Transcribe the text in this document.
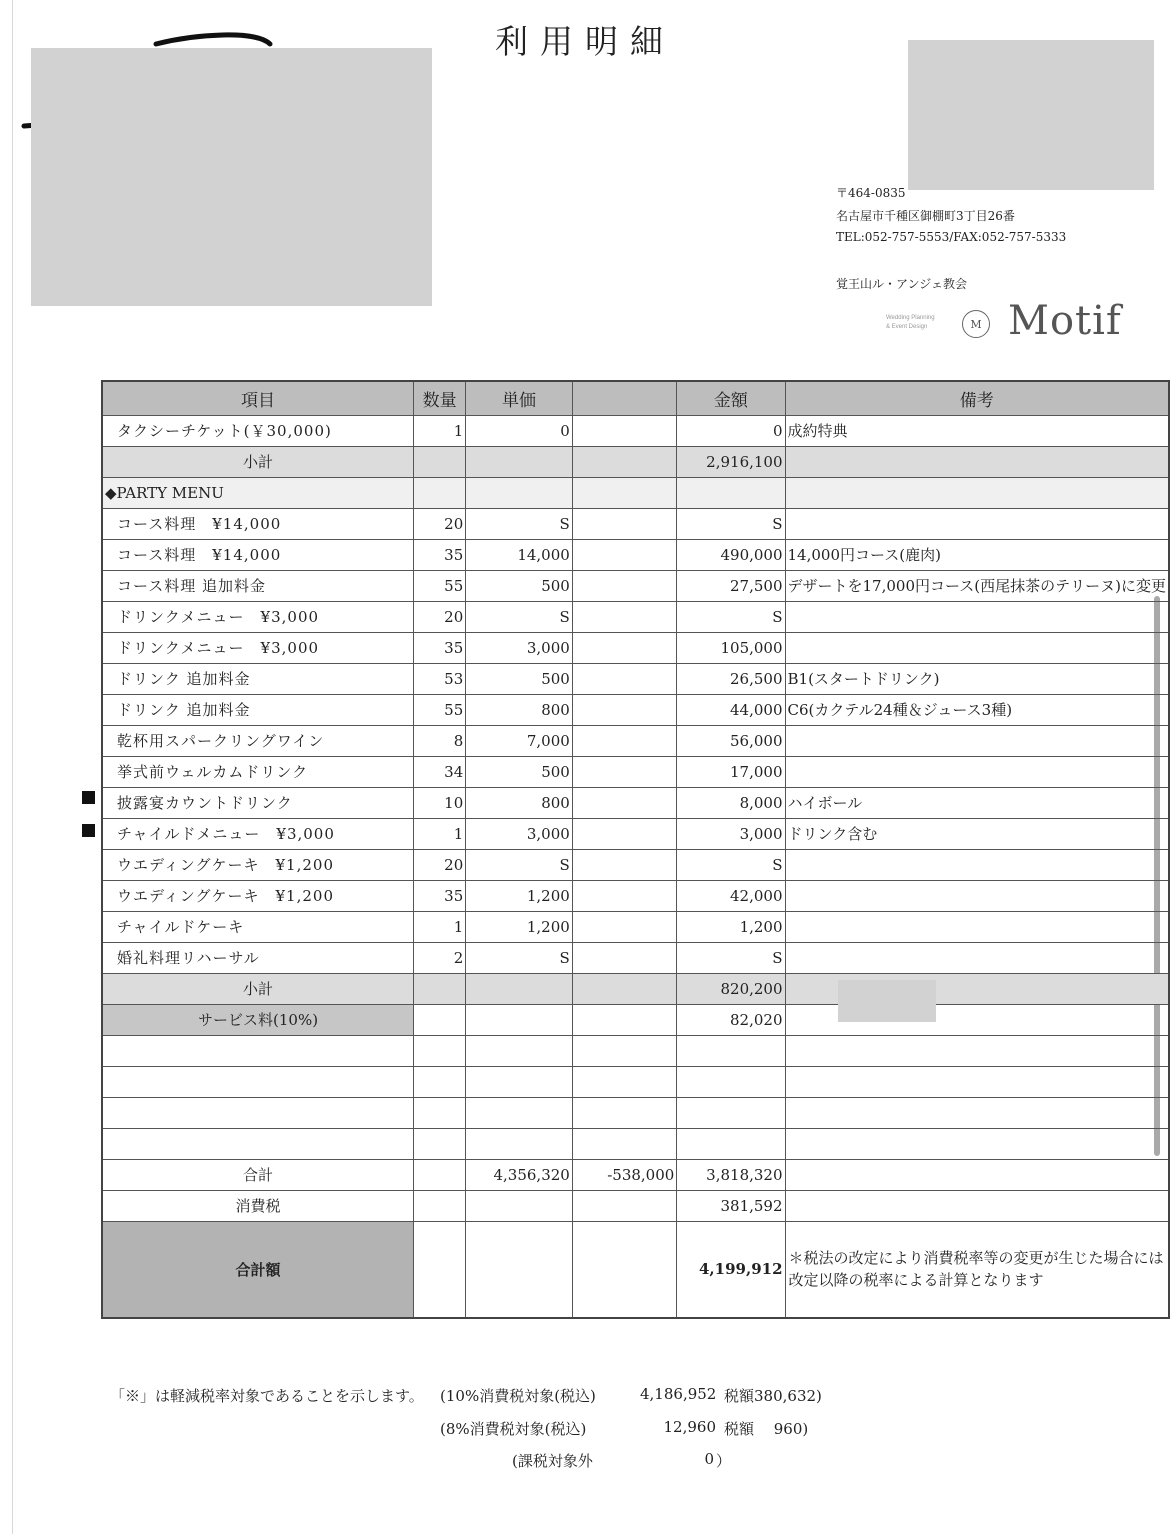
利用明細
〒464-0835
名古屋市千種区御棚町3丁目26番
TEL:052-757-5553/FAX:052-757-5333
覚王山ル・アンジェ教会
Wedding Planning
& Event Design	M Motif
項目	数量	単価		金額	備考
タクシーチケット(￥30,000)	1	0		0	成約特典
小計				2,916,100	
◆PARTY MENU					
コース料理　¥14,000	20	S		S	
コース料理　¥14,000	35	14,000		490,000	14,000円コース(鹿肉)
コース料理 追加料金	55	500		27,500	デザートを17,000円コース(西尾抹茶のテリーヌ)に変更
ドリンクメニュー　¥3,000	20	S		S	
ドリンクメニュー　¥3,000	35	3,000		105,000	
ドリンク 追加料金	53	500		26,500	B1(スタートドリンク)
ドリンク 追加料金	55	800		44,000	C6(カクテル24種＆ジュース3種)
乾杯用スパークリングワイン	8	7,000		56,000	
挙式前ウェルカムドリンク	34	500		17,000	
披露宴カウントドリンク	10	800		8,000	ハイボール
チャイルドメニュー　¥3,000	1	3,000		3,000	ドリンク含む
ウエディングケーキ　¥1,200	20	S		S	
ウエディングケーキ　¥1,200	35	1,200		42,000	
チャイルドケーキ	1	1,200		1,200	
婚礼料理リハーサル	2	S		S	
小計				820,200	
サービス料(10%)				82,020	

合計		4,356,320	-538,000	3,818,320	
消費税				381,592	
合計額				4,199,912	＊税法の改定により消費税率等の変更が生じた場合には改定以降の税率による計算となります
「※」は軽減税率対象であることを示します。 (10%消費税対象(税込)	4,186,952 税額380,632)
(8%消費税対象(税込)	12,960 税額　 960)
(課税対象外	0 ）
